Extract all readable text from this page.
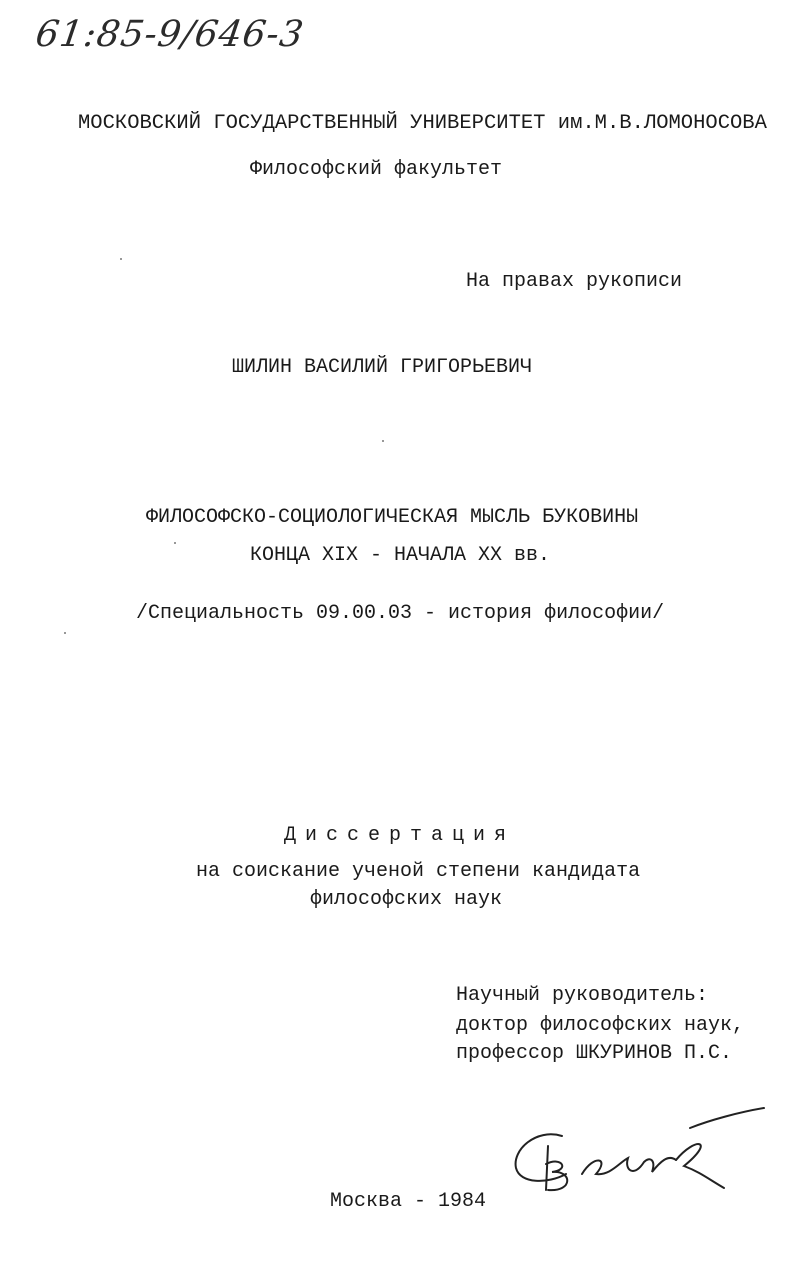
61:85-9/646-3
МОСКОВСКИЙ ГОСУДАРСТВЕННЫЙ УНИВЕРСИТЕТ им.М.В.ЛОМОНОСОВА
Философский факультет
На правах рукописи
ШИЛИН ВАСИЛИЙ ГРИГОРЬЕВИЧ
ФИЛОСОФСКО-СОЦИОЛОГИЧЕСКАЯ МЫСЛЬ БУКОВИНЫ
КОНЦА XIX - НАЧАЛА XX вв.
/Специальность 09.00.03 - история философии/
Диссертация
на соискание ученой степени кандидата
философских наук
Научный руководитель:
доктор философских наук,
профессор ШКУРИНОВ П.С.
Москва - 1984
